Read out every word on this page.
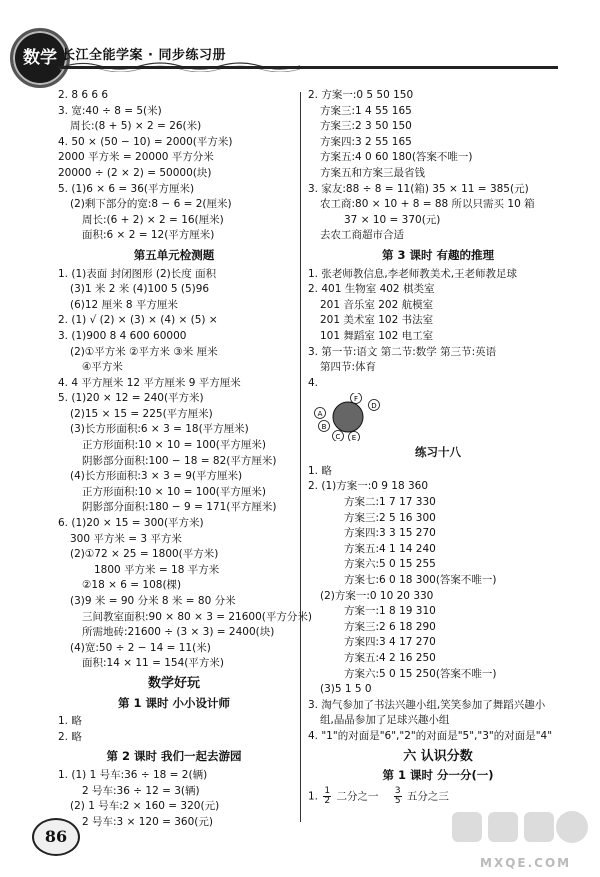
数学 长江全能学案 · 同步练习册
2. 8 6 6 6
3. 宽:40 ÷ 8 = 5(米)
周长:(8 + 5) × 2 = 26(米)
4. 50 × (50 − 10) = 2000(平方米)
2000 平方米 = 20000 平方分米
20000 ÷ (2 × 2) = 50000(块)
5. (1)6 × 6 = 36(平方厘米)
(2)剩下部分的宽:8 − 6 = 2(厘米)
周长:(6 + 2) × 2 = 16(厘米)
面积:6 × 2 = 12(平方厘米)
第五单元检测题
1. (1)表面 封闭图形 (2)长度 面积
(3)1 米 2 米 (4)100 5 (5)96
(6)12 厘米 8 平方厘米
2. (1) √ (2) × (3) × (4) × (5) ×
3. (1)900 8 4 600 60000
(2)①平方米 ②平方米 ③米 厘米
④平方米
4. 4 平方厘米 12 平方厘米 9 平方厘米
5. (1)20 × 12 = 240(平方米)
(2)15 × 15 = 225(平方厘米)
(3)长方形面积:6 × 3 = 18(平方厘米)
正方形面积:10 × 10 = 100(平方厘米)
阴影部分面积:100 − 18 = 82(平方厘米)
(4)长方形面积:3 × 3 = 9(平方厘米)
正方形面积:10 × 10 = 100(平方厘米)
阴影部分面积:180 − 9 = 171(平方厘米)
6. (1)20 × 15 = 300(平方米)
300 平方米 = 3 平方米
(2)①72 × 25 = 1800(平方米)
1800 平方米 = 18 平方米
②18 × 6 = 108(棵)
(3)9 米 = 90 分米 8 米 = 80 分米
三间教室面积:90 × 80 × 3 = 21600(平方分米)
所需地砖:21600 ÷ (3 × 3) = 2400(块)
(4)宽:50 ÷ 2 − 14 = 11(米)
面积:14 × 11 = 154(平方米)
数学好玩
第 1 课时 小小设计师
1. 略
2. 略
第 2 课时 我们一起去游园
1. (1) 1 号车:36 ÷ 18 = 2(辆)
2 号车:36 ÷ 12 = 3(辆)
(2) 1 号车:2 × 160 = 320(元)
2 号车:3 × 120 = 360(元)
2. 方案一:0 5 50 150
方案三:1 4 55 165
方案三:2 3 50 150
方案四:3 2 55 165
方案五:4 0 60 180(答案不唯一)
方案五和方案三最省钱
3. 家友:88 ÷ 8 = 11(箱) 35 × 11 = 385(元)
农工商:80 × 10 + 8 = 88 所以只需买 10 箱
37 × 10 = 370(元)
去农工商超市合适
第 3 课时 有趣的推理
1. 张老师教信息,李老师教美术,王老师教足球
2. 401 生物室 402 棋类室
201 音乐室 202 航模室
201 美术室 102 书法室
101 舞蹈室 102 电工室
3. 第一节:语文 第二节:数学 第三节:英语
第四节:体育
4.
A
B
C
D
E
F
练习十八
1. 略
2. (1)方案一:0 9 18 360
方案二:1 7 17 330
方案三:2 5 16 300
方案四:3 3 15 270
方案五:4 1 14 240
方案六:5 0 15 255
方案七:6 0 18 300(答案不唯一)
(2)方案一:0 10 20 330
方案一:1 8 19 310
方案三:2 6 18 290
方案四:3 4 17 270
方案五:4 2 16 250
方案六:5 0 15 250(答案不唯一)
(3)5 1 5 0
3. 淘气参加了书法兴趣小组,笑笑参加了舞蹈兴趣小
组,晶晶参加了足球兴趣小组
4. "1"的对面是"6","2"的对面是"5","3"的对面是"4"
六 认识分数
第 1 课时 分一分(一)
1. $\frac{1}{2}$ 二分之一 $\frac{3}{5}$ 五分之三
86
MXQE.COM
